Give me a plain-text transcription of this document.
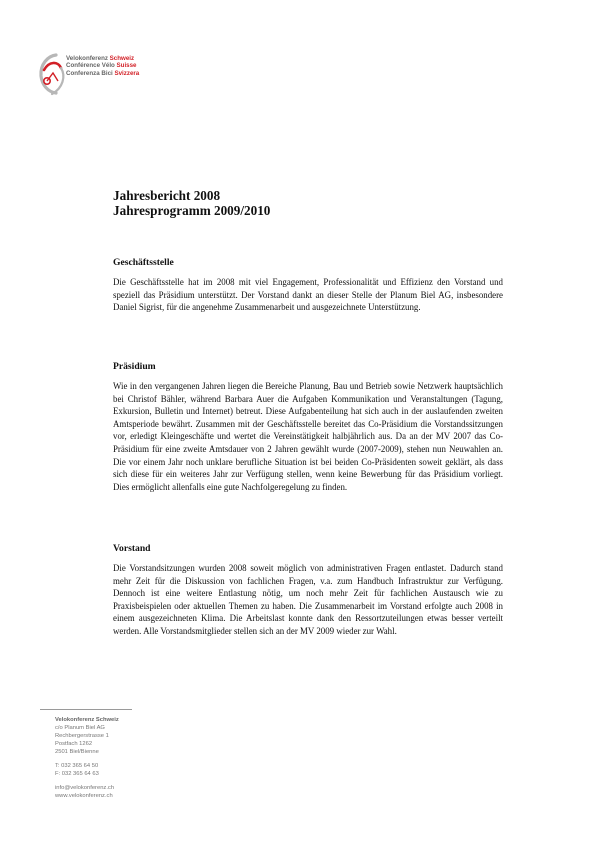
Velokonferenz Schweiz
Conférence Vélo Suisse
Conferenza Bici Svizzera
Jahresbericht 2008
Jahresprogramm 2009/2010
Geschäftsstelle

Die Geschäftsstelle hat im 2008 mit viel Engagement, Professionalität und Effizienz den Vorstand und speziell das Präsidium unterstützt. Der Vorstand dankt an dieser Stelle der Planum Biel AG, insbesondere Daniel Sigrist, für die angenehme Zusammenarbeit und ausgezeichnete Unterstützung.

Präsidium

Wie in den vergangenen Jahren liegen die Bereiche Planung, Bau und Betrieb sowie Netzwerk hauptsächlich bei Christof Bähler, während Barbara Auer die Aufgaben Kommunikation und Veranstaltungen (Tagung, Exkursion, Bulletin und Internet) betreut. Diese Aufgabenteilung hat sich auch in der auslaufenden zweiten Amtsperiode bewährt. Zusammen mit der Geschäftsstelle bereitet das Co-Präsidium die Vorstandssitzungen vor, erledigt Kleingeschäfte und wertet die Vereinstätigkeit halbjährlich aus. Da an der MV 2007 das Co-Präsidium für eine zweite Amtsdauer von 2 Jahren gewählt wurde (2007-2009), stehen nun Neuwahlen an. Die vor einem Jahr noch unklare berufliche Situation ist bei beiden Co-Präsidenten soweit geklärt, als dass sich diese für ein weiteres Jahr zur Verfügung stellen, wenn keine Bewerbung für das Präsidium vorliegt. Dies ermöglicht allenfalls eine gute Nachfolgeregelung zu finden.

Vorstand

Die Vorstandsitzungen wurden 2008 soweit möglich von administrativen Fragen entlastet. Dadurch stand mehr Zeit für die Diskussion von fachlichen Fragen, v.a. zum Handbuch Infrastruktur zur Verfügung. Dennoch ist eine weitere Entlastung nötig, um noch mehr Zeit für fachlichen Austausch wie zu Praxisbeispielen oder aktuellen Themen zu haben. Die Zusammenarbeit im Vorstand erfolgte auch 2008 in einem ausgezeichneten Klima. Die Arbeitslast konnte dank den Ressortzuteilungen etwas besser verteilt werden. Alle Vorstandsmitglieder stellen sich an der MV 2009 wieder zur Wahl.

Velokonferenz Schweiz
c/o Planum Biel AG
Rechbergerstrasse 1
Postfach 1262
2501 Biel/Bienne
T: 032 365 64 50
F: 032 365 64 63
info@velokonferenz.ch
www.velokonferenz.ch
